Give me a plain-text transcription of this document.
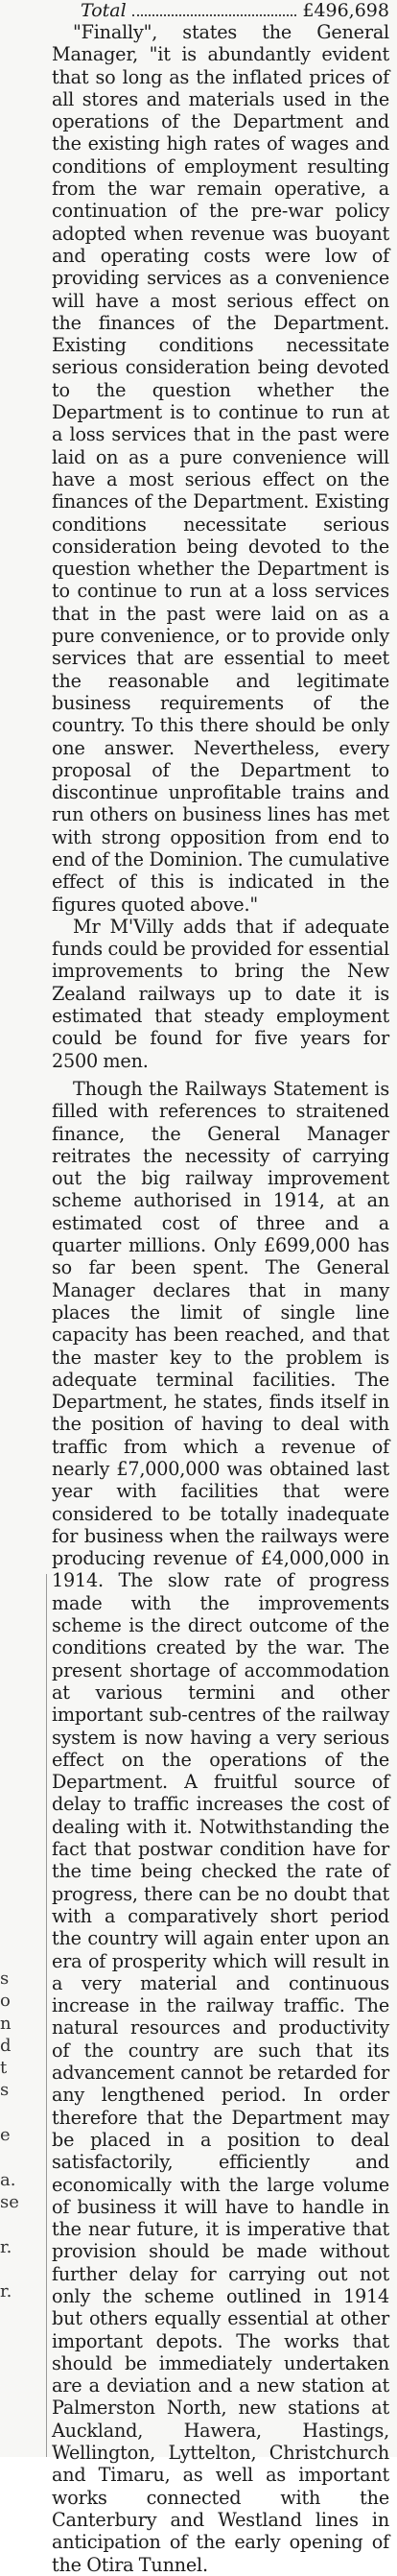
s
o
n
d
t
s
e
a.
se
r.
r.
Total	£496,698

"Finally", states the General Manager, "it is abundantly evident that so long as the inflated prices of all stores and materials used in the operations of the Department and the existing high rates of wages and conditions of employment resulting from the war remain operative, a continuation of the pre-war policy adopted when revenue was buoyant and operating costs were low of providing services as a convenience will have a most serious effect on the finances of the Department. Existing conditions necessitate serious consideration being devoted to the question whether the Department is to continue to run at a loss services that in the past were laid on as a pure convenience will have a most serious effect on the finances of the Department. Existing conditions necessitate serious consideration being devoted to the question whether the Department is to continue to run at a loss services that in the past were laid on as a pure convenience, or to provide only services that are essential to meet the reasonable and legitimate business requirements of the country. To this there should be only one answer. Nevertheless, every proposal of the Department to discontinue unprofitable trains and run others on business lines has met with strong opposition from end to end of the Dominion. The cumulative effect of this is indicated in the figures quoted above."

Mr M'Villy adds that if adequate funds could be provided for essential improvements to bring the New Zealand railways up to date it is estimated that steady employment could be found for five years for 2500 men.

Though the Railways Statement is filled with references to straitened finance, the General Manager reitrates the necessity of carrying out the big railway improvement scheme authorised in 1914, at an estimated cost of three and a quarter millions. Only £699,000 has so far been spent. The General Manager declares that in many places the limit of single line capacity has been reached, and that the master key to the problem is adequate terminal facilities. The Department, he states, finds itself in the position of having to deal with traffic from which a revenue of nearly £7,000,000 was obtained last year with facilities that were considered to be totally inadequate for business when the railways were producing revenue of £4,000,000 in 1914. The slow rate of progress made with the improvements scheme is the direct outcome of the conditions created by the war. The present shortage of accommodation at various termini and other important sub-centres of the railway system is now having a very serious effect on the operations of the Department. A fruitful source of delay to traffic increases the cost of dealing with it. Notwithstanding the fact that postwar condition have for the time being checked the rate of progress, there can be no doubt that with a comparatively short period the country will again enter upon an era of prosperity which will result in a very material and continuous increase in the railway traffic. The natural resources and productivity of the country are such that its advancement cannot be retarded for any lengthened period. In order therefore that the Department may be placed in a position to deal satisfactorily, efficiently and economically with the large volume of business it will have to handle in the near future, it is imperative that provision should be made without further delay for carrying out not only the scheme outlined in 1914 but others equally essential at other important depots. The works that should be immediately undertaken are a deviation and a new station at Palmerston North, new stations at Auckland, Hawera, Hastings, Wellington, Lyttelton, Christchurch and Timaru, as well as important works connected with the Canterbury and Westland lines in anticipation of the early opening of the Otira Tunnel.
